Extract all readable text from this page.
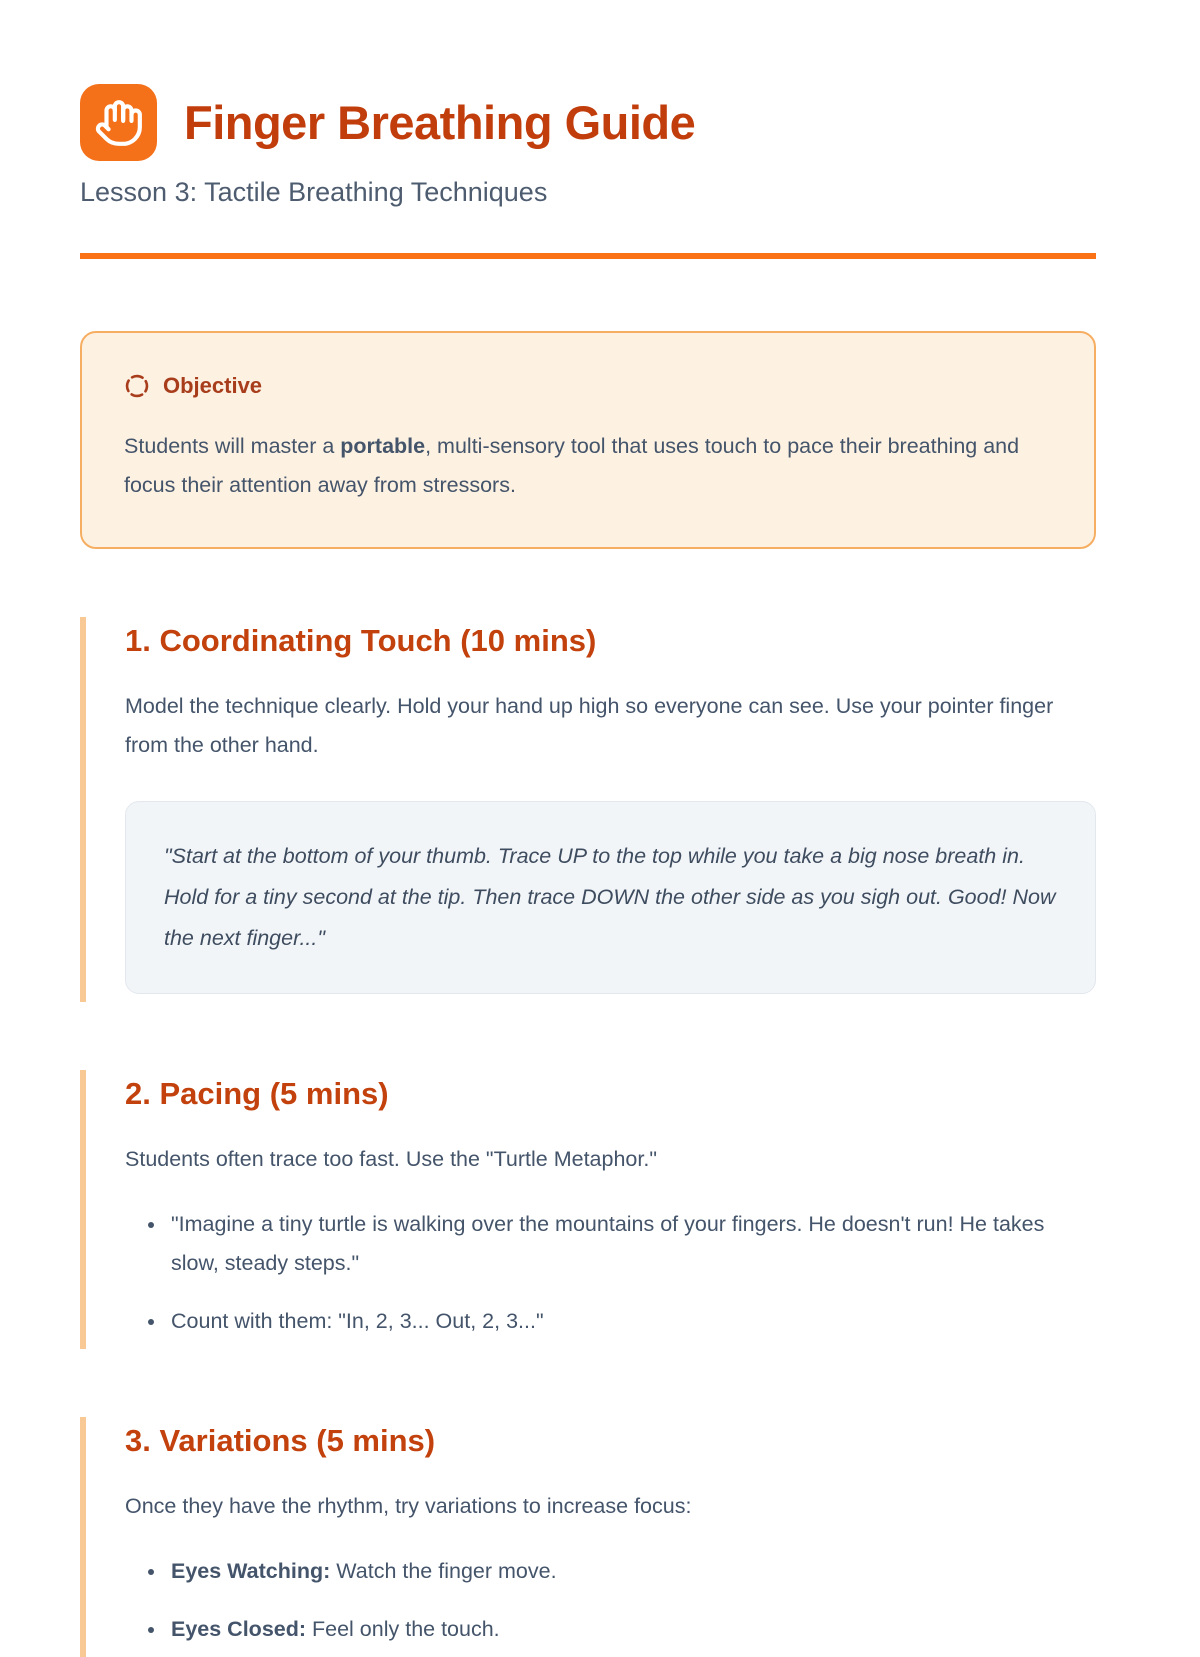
Finger Breathing Guide
Lesson 3: Tactile Breathing Techniques
Objective

Students will master a portable, multi-sensory tool that uses touch to pace their breathing and focus their attention away from stressors.

1. Coordinating Touch (10 mins)

Model the technique clearly. Hold your hand up high so everyone can see. Use your pointer finger from the other hand.

"Start at the bottom of your thumb. Trace UP to the top while you take a big nose breath in. Hold for a tiny second at the tip. Then trace DOWN the other side as you sigh out. Good! Now the next finger..."

2. Pacing (5 mins)

Students often trace too fast. Use the "Turtle Metaphor."

• "Imagine a tiny turtle is walking over the mountains of your fingers. He doesn't run! He takes slow, steady steps."
• Count with them: "In, 2, 3... Out, 2, 3..."
3. Variations (5 mins)

Once they have the rhythm, try variations to increase focus:

• Eyes Watching: Watch the finger move.
• Eyes Closed: Feel only the touch.
